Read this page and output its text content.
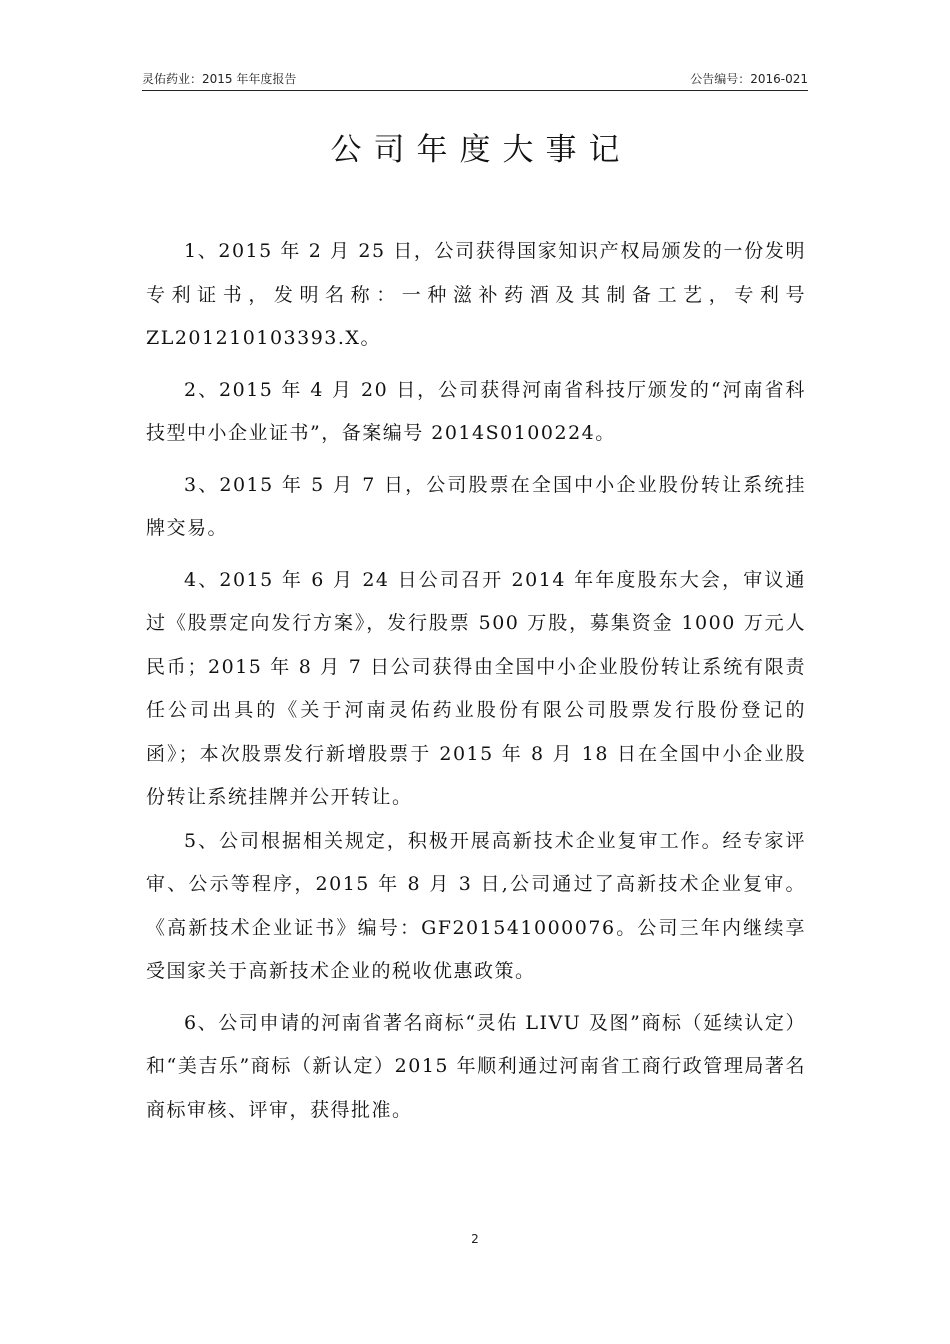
灵佑药业：2015 年年度报告	公告编号：2016-021
公司年度大事记

1、2015 年 2 月 25 日，公司获得国家知识产权局颁发的一份发明专利证书，发明名称：一种滋补药酒及其制备工艺，专利号ZL201210103393.X。

2、2015 年 4 月 20 日，公司获得河南省科技厅颁发的“河南省科技型中小企业证书”，备案编号 2014S0100224。

3、2015 年 5 月 7 日，公司股票在全国中小企业股份转让系统挂牌交易。

4、2015 年 6 月 24 日公司召开 2014 年年度股东大会，审议通过《股票定向发行方案》，发行股票 500 万股，募集资金 1000 万元人民币；2015 年 8 月 7 日公司获得由全国中小企业股份转让系统有限责任公司出具的《关于河南灵佑药业股份有限公司股票发行股份登记的函》；本次股票发行新增股票于 2015 年 8 月 18 日在全国中小企业股份转让系统挂牌并公开转让。

5、公司根据相关规定，积极开展高新技术企业复审工作。经专家评审、公示等程序，2015 年 8 月 3 日,公司通过了高新技术企业复审。《高新技术企业证书》编号：GF201541000076。公司三年内继续享受国家关于高新技术企业的税收优惠政策。

6、公司申请的河南省著名商标“灵佑 LIVU 及图”商标（延续认定）和“美吉乐”商标（新认定）2015 年顺利通过河南省工商行政管理局著名商标审核、评审，获得批准。

2
